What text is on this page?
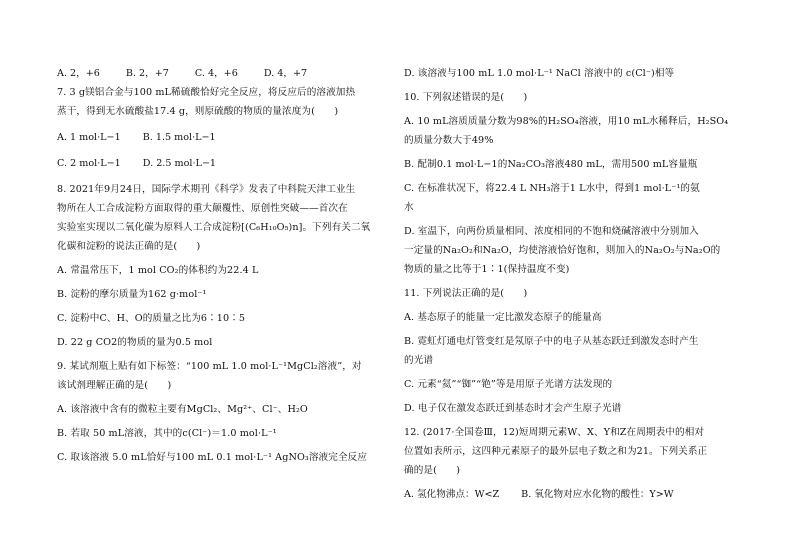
A. 2，+6	B. 2，+7	C. 4，+6	D. 4，+7

7. 3 g镁铝合金与100 mL稀硫酸恰好完全反应，将反应后的溶液加热

蒸干，得到无水硫酸盐17.4 g，则原硫酸的物质的量浓度为(　　)

A. 1 mol·L−1 B. 1.5 mol·L−1
C. 2 mol·L−1 D. 2.5 mol·L−1

8. 2021年9月24日，国际学术期刊《科学》发表了中科院天津工业生

物所在人工合成淀粉方面取得的重大颠覆性、原创性突破——首次在

实验室实现以二氧化碳为原料人工合成淀粉[(C₆H₁₀O₅)n]。下列有关二氧

化碳和淀粉的说法正确的是(　　)

A. 常温常压下，1 mol CO₂的体积约为22.4 L

B. 淀粉的摩尔质量为162 g·mol⁻¹

C. 淀粉中C、H、O的质量之比为6∶10∶5

D. 22 g CO2的物质的量为0.5 mol

9. 某试剂瓶上贴有如下标签：“100 mL 1.0 mol·L⁻¹MgCl₂溶液”，对

该试剂理解正确的是(　　)

A. 该溶液中含有的微粒主要有MgCl₂、Mg²⁺、Cl⁻、H₂O

B. 若取 50 mL溶液，其中的c(Cl⁻)＝1.0 mol·L⁻¹

C. 取该溶液 5.0 mL恰好与100 mL 0.1 mol·L⁻¹ AgNO₃溶液完全反应

D. 该溶液与100 mL 1.0 mol·L⁻¹ NaCl 溶液中的 c(Cl⁻)相等

10. 下列叙述错误的是(　　)

A. 10 mL溶质质量分数为98%的H₂SO₄溶液，用10 mL水稀释后，H₂SO₄

的质量分数大于49%

B. 配制0.1 mol·L−1的Na₂CO₃溶液480 mL，需用500 mL容量瓶

C. 在标准状况下，将22.4 L NH₃溶于1 L水中，得到1 mol·L⁻¹的氨

水

D. 室温下，向两份质量相同、浓度相同的不饱和烧碱溶液中分别加入

一定量的Na₂O₂和Na₂O，均使溶液恰好饱和，则加入的Na₂O₂与Na₂O的

物质的量之比等于1∶1(保持温度不变)

11. 下列说法正确的是(　　)

A. 基态原子的能量一定比激发态原子的能量高

B. 霓虹灯通电灯管变红是氖原子中的电子从基态跃迁到激发态时产生

的光谱

C. 元素“氦”“铷”“铯”等是用原子光谱方法发现的

D. 电子仅在激发态跃迁到基态时才会产生原子光谱

12. (2017·全国卷Ⅲ，12)短周期元素W、X、Y和Z在周期表中的相对

位置如表所示，这四种元素原子的最外层电子数之和为21。下列关系正

确的是(　　)

A. 氢化物沸点：W<Z B. 氧化物对应水化物的酸性：Y>W
